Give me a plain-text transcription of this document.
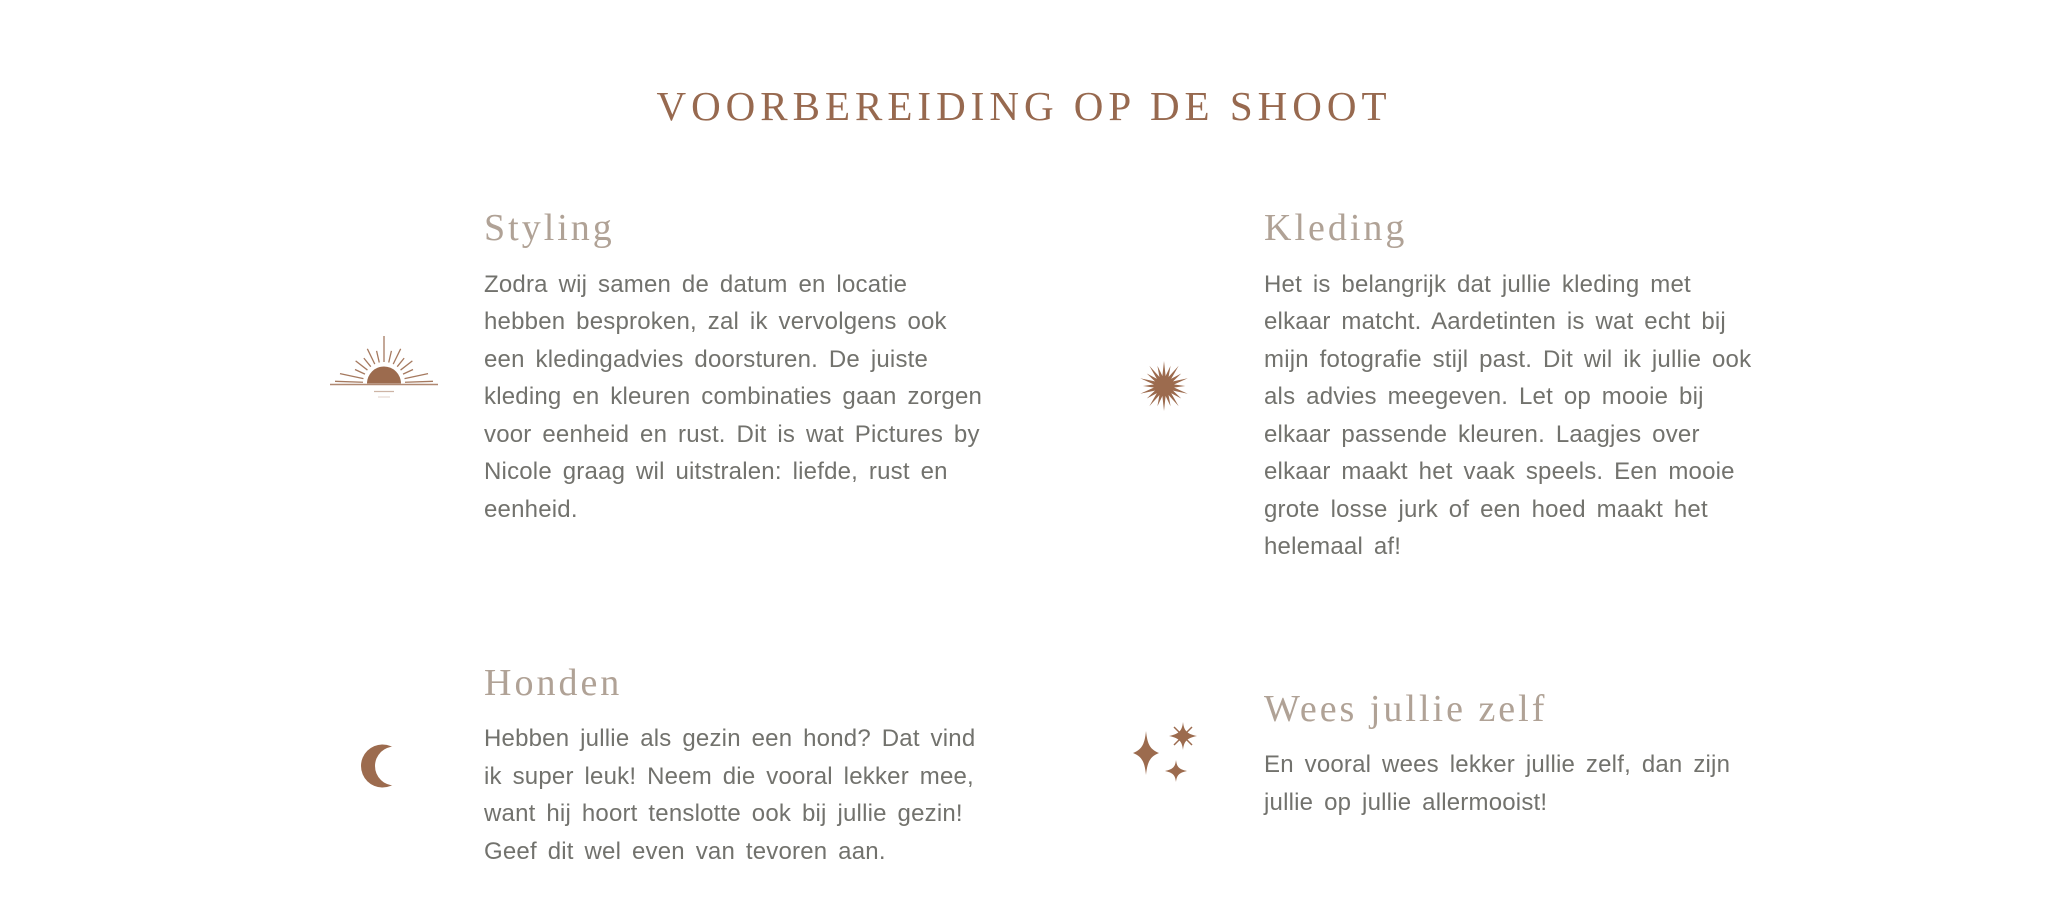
VOORBEREIDING OP DE SHOOT
Styling

Zodra wij samen de datum en locatie hebben besproken, zal ik vervolgens ook een kledingadvies doorsturen. De juiste kleding en kleuren combinaties gaan zorgen voor eenheid en rust. Dit is wat Pictures by Nicole graag wil uitstralen: liefde, rust en eenheid.

Kleding

Het is belangrijk dat jullie kleding met elkaar matcht. Aardetinten is wat echt bij mijn fotografie stijl past. Dit wil ik jullie ook als advies meegeven. Let op mooie bij elkaar passende kleuren. Laagjes over elkaar maakt het vaak speels. Een mooie grote losse jurk of een hoed maakt het helemaal af!

Honden

Hebben jullie als gezin een hond? Dat vind ik super leuk! Neem die vooral lekker mee, want hij hoort tenslotte ook bij jullie gezin! Geef dit wel even van tevoren aan.

Wees jullie zelf

En vooral wees lekker jullie zelf, dan zijn jullie op jullie allermooist!
